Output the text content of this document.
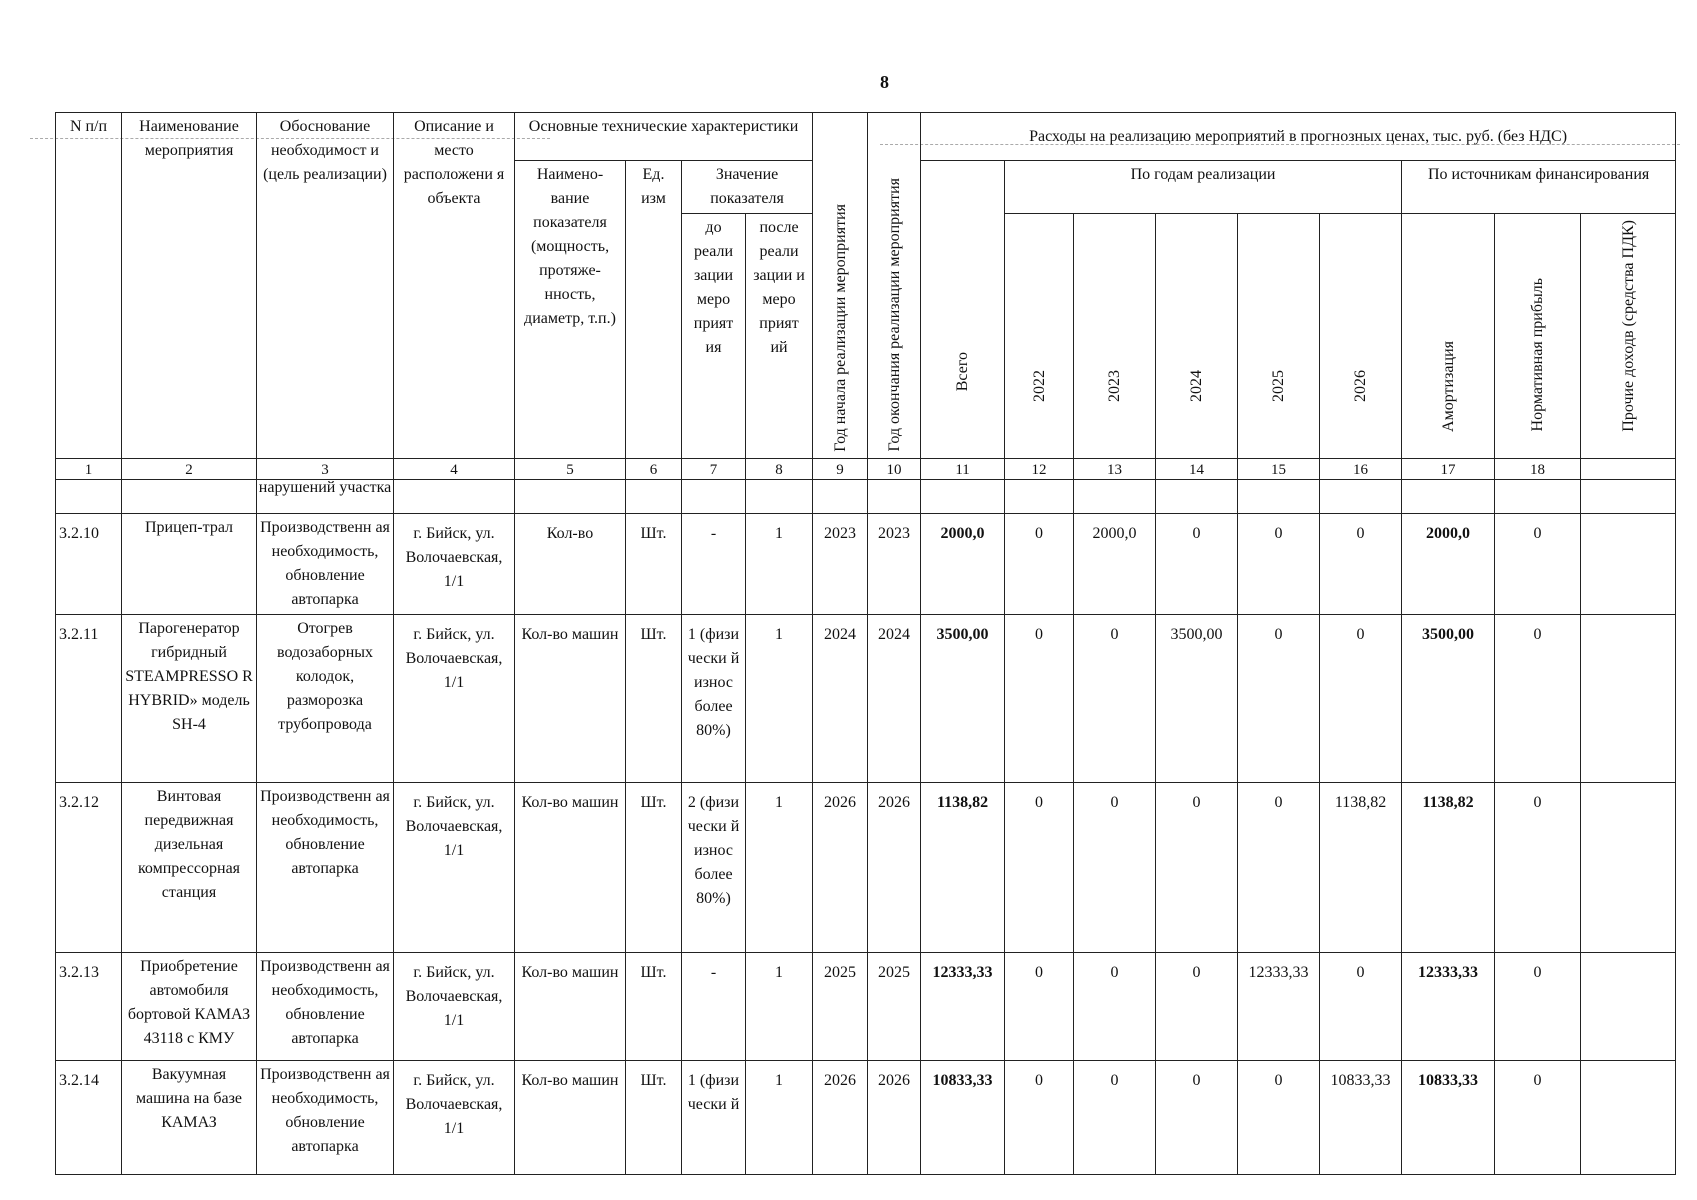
8
N п/п	Наименование мероприятия	Обоснование необходимост и (цель реализации)	Описание и место расположени я объекта	Основные технические характеристики				Год начала реализации мероприятия	Год окончания реализации мероприятия	Расходы на реализацию мероприятий в прогнозных ценах, тыс. руб. (без НДС)								
				Наимено- вание показателя (мощность, протяже- нность, диаметр, т.п.)	Ед. изм	Значение показателя				Всего	По годам реализации					По источникам финансирования		
						до реали зации меро прият ия	после реали зации и меро прият ий				2022	2023	2024	2025	2026	Амортизация	Нормативная прибыль	Прочие доходв (средства ПДК)

1	2	3	4	5	6	7	8	9	10	11	12	13	14	15	16	17	18	
		нарушений участка																
3.2.10	Прицеп-трал	Производственн ая необходимость, обновление автопарка	г. Бийск, ул. Волочаевская, 1/1	Кол-во	Шт.	-	1	2023	2023	2000,0	0	2000,0	0	0	0	2000,0	0	
3.2.11	Парогенератор гибридный STEAMPRESSO R HYBRID» модель SH-4	Отогрев водозаборных колодок, разморозка трубопровода	г. Бийск, ул. Волочаевская, 1/1	Кол-во машин	Шт.	1 (физи чески й износ более 80%)	1	2024	2024	3500,00	0	0	3500,00	0	0	3500,00	0	
3.2.12	Винтовая передвижная дизельная компрессорная станция	Производственн ая необходимость, обновление автопарка	г. Бийск, ул. Волочаевская, 1/1	Кол-во машин	Шт.	2 (физи чески й износ более 80%)	1	2026	2026	1138,82	0	0	0	0	1138,82	1138,82	0	
3.2.13	Приобретение автомобиля бортовой КАМАЗ 43118 с КМУ	Производственн ая необходимость, обновление автопарка	г. Бийск, ул. Волочаевская, 1/1	Кол-во машин	Шт.	-	1	2025	2025	12333,33	0	0	0	12333,33	0	12333,33	0	
3.2.14	Вакуумная машина на базе КАМАЗ	Производственн ая необходимость, обновление автопарка	г. Бийск, ул. Волочаевская, 1/1	Кол-во машин	Шт.	1 (физи чески й	1	2026	2026	10833,33	0	0	0	0	10833,33	10833,33	0	
